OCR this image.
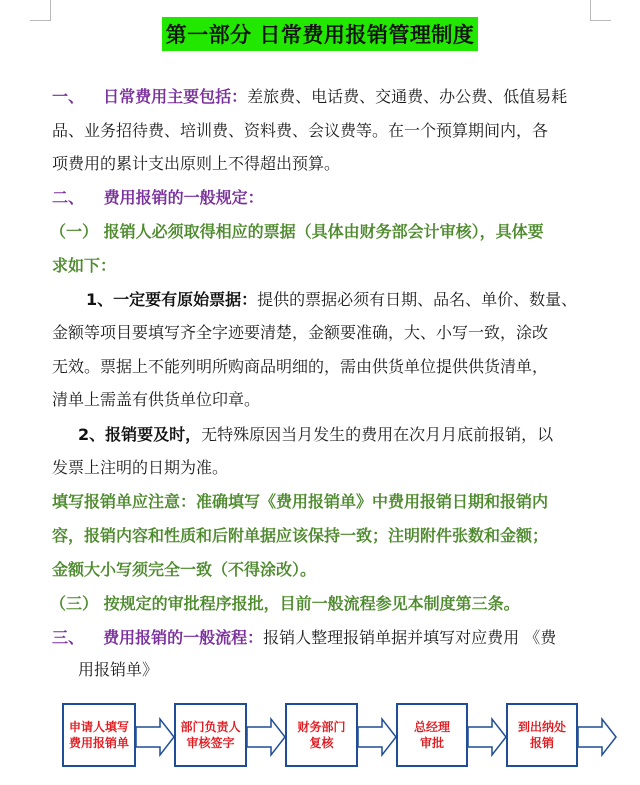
第一部分 日常费用报销管理制度
一、 日常费用主要包括：差旅费、电话费、交通费、办公费、低值易耗
品、业务招待费、培训费、资料费、会议费等。在一个预算期间内，各
项费用的累计支出原则上不得超出预算。
二、 费用报销的一般规定：
（一） 报销人必须取得相应的票据（具体由财务部会计审核），具体要
求如下：
1、一定要有原始票据：提供的票据必须有日期、品名、单价、数量、
金额等项目要填写齐全字迹要清楚，金额要准确，大、小写一致，涂改
无效。票据上不能列明所购商品明细的，需由供货单位提供供货清单，
清单上需盖有供货单位印章。
2、报销要及时，无特殊原因当月发生的费用在次月月底前报销，以
发票上注明的日期为准。
填写报销单应注意：准确填写《费用报销单》中费用报销日期和报销内
容，报销内容和性质和后附单据应该保持一致；注明附件张数和金额；
金额大小写须完全一致（不得涂改）。
（三） 按规定的审批程序报批，目前一般流程参见本制度第三条。
三、 费用报销的一般流程：报销人整理报销单据并填写对应费用 《费
用报销单》
申请人填写
费用报销单
部门负责人
审核签字
财务部门
复核
总经理
审批
到出纳处
报销
